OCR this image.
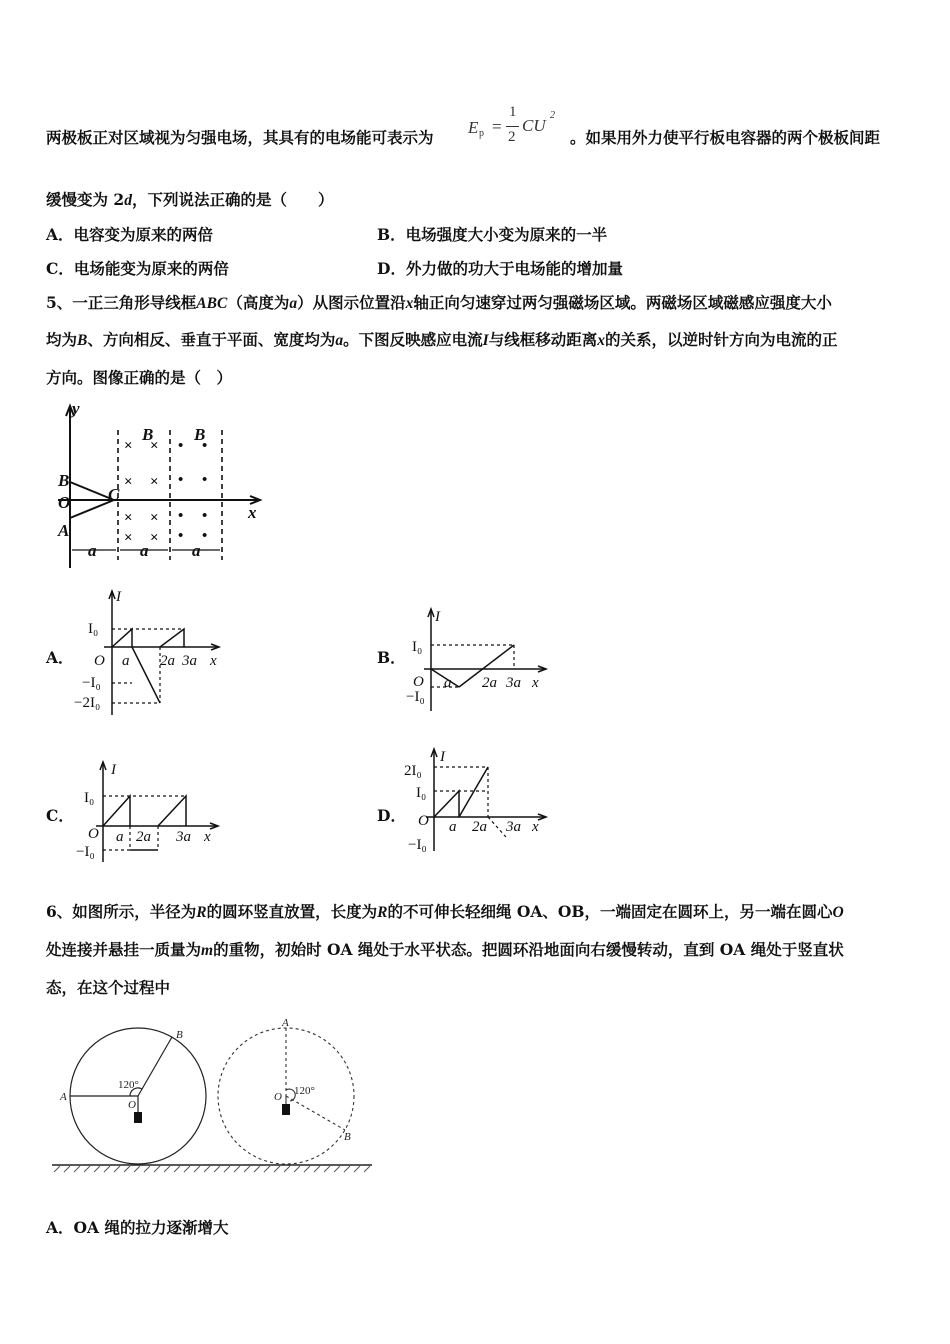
两极板正对区域视为匀强电场，其具有的电场能可表示为
E p =
1
2
CU
2
。如果用外力使平行板电容器的两个极板间距
缓慢变为 2d，下列说法正确的是（　　）
A．电容变为原来的两倍	B．电场强度大小变为原来的一半
C．电场能变为原来的两倍	D．外力做的功大于电场能的增加量
5、一正三角形导线框ABC（高度为a）从图示位置沿x轴正向匀速穿过两匀强磁场区域。两磁场区域磁感应强度大小
均为B、方向相反、垂直于平面、宽度均为a。下图反映感应电流I与线框移动距离x的关系，以逆时针方向为电流的正
方向。图像正确的是（　）
y
x
B
O
A
C
B B
a	a	a
× ×
× ×
× ×
× ×
• •
• •
• •
• •
A．
I
I₀
O a 2a 3a x
−I₀
−2I₀
B．
I
I₀
O a 2a 3a x
−I₀
C．
I
I₀
O a 2a 3a x
−I₀
D．
I
2I₀
I₀
O a 2a 3a x
−I₀
6、如图所示，半径为R的圆环竖直放置，长度为R的不可伸长轻细绳 OA、OB，一端固定在圆环上，另一端在圆心O
处连接并悬挂一质量为m的重物，初始时 OA 绳处于水平状态。把圆环沿地面向右缓慢转动，直到 OA 绳处于竖直状
态，在这个过程中
A
B
O
120°
A
B
O 120°
A．OA 绳的拉力逐渐增大
